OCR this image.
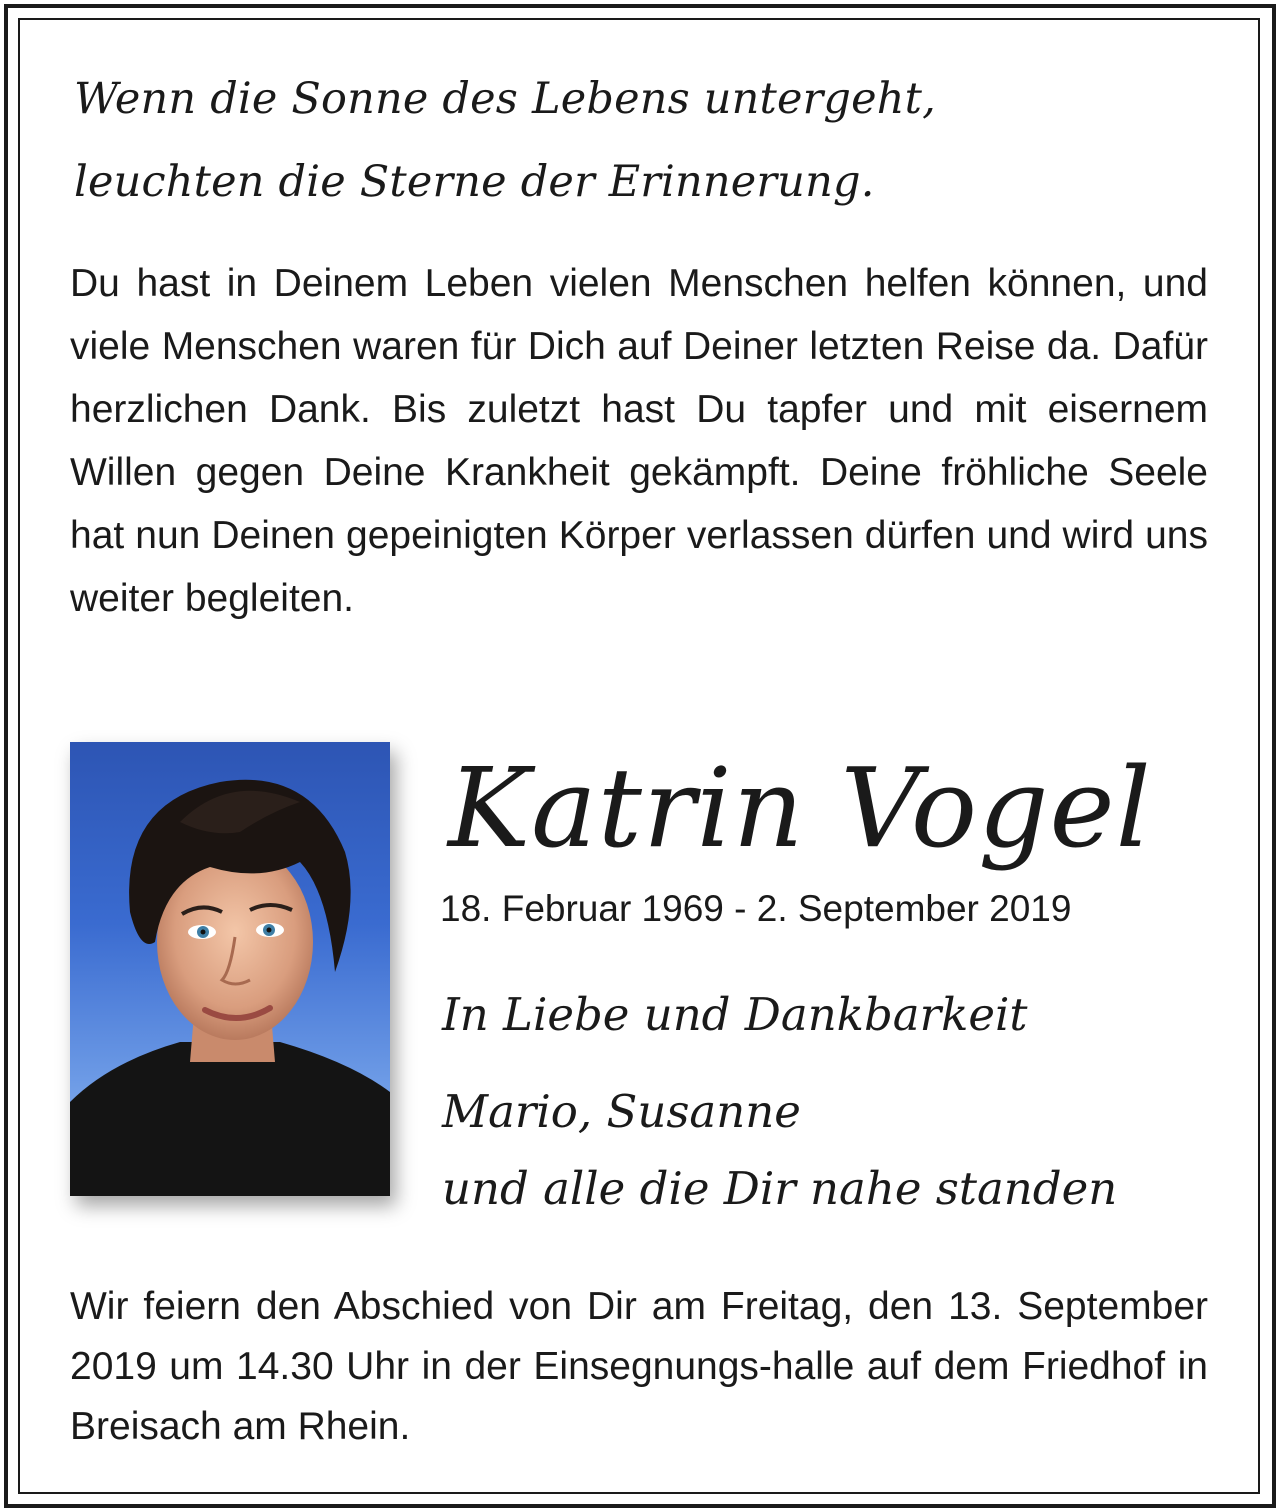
Wenn die Sonne des Lebens untergeht,
leuchten die Sterne der Erinnerung.
Du hast in Deinem Leben vielen Menschen helfen können, und viele Menschen waren für Dich auf Deiner letzten Reise da. Dafür herzlichen Dank. Bis zuletzt hast Du tapfer und mit eisernem Willen gegen Deine Krankheit gekämpft. Deine fröhliche Seele hat nun Deinen gepeinigten Körper verlassen dürfen und wird uns weiter begleiten.
Katrin Vogel
18. Februar 1969 - 2. September 2019
In Liebe und Dankbarkeit
Mario, Susanne
und alle die Dir nahe standen
Wir feiern den Abschied von Dir am Freitag, den 13. September 2019 um 14.30 Uhr in der Einsegnungs-halle auf dem Friedhof in Breisach am Rhein.
